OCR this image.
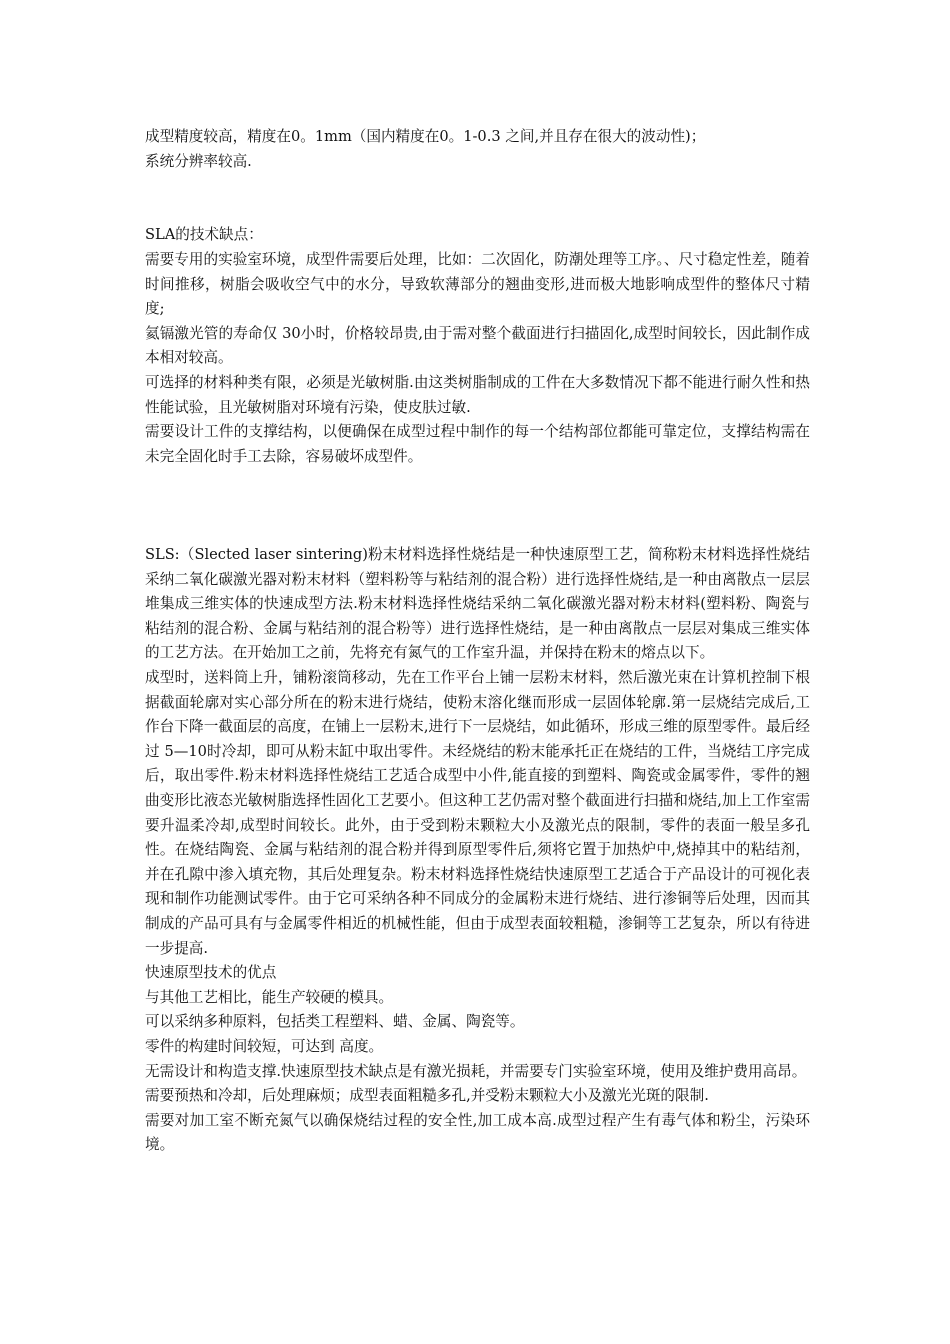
成型精度较高，精度在0。1mm（国内精度在0。1-0.3 之间,并且存在很大的波动性)；

系统分辨率较高.

SLA的技术缺点：

需要专用的实验室环境，成型件需要后处理，比如：二次固化，防潮处理等工序。、尺寸稳定性差，随着时间推移，树脂会吸收空气中的水分，导致软薄部分的翘曲变形,进而极大地影响成型件的整体尺寸精度;

氦镉激光管的寿命仅 30小时，价格较昂贵,由于需对整个截面进行扫描固化,成型时间较长，因此制作成本相对较高。

可选择的材料种类有限，必须是光敏树脂.由这类树脂制成的工件在大多数情况下都不能进行耐久性和热性能试验，且光敏树脂对环境有污染，使皮肤过敏.

需要设计工件的支撑结构，以便确保在成型过程中制作的每一个结构部位都能可靠定位，支撑结构需在未完全固化时手工去除，容易破坏成型件。

SLS:（Slected laser sintering)粉末材料选择性烧结是一种快速原型工艺，简称粉末材料选择性烧结采纳二氧化碳激光器对粉末材料（塑料粉等与粘结剂的混合粉）进行选择性烧结,是一种由离散点一层层堆集成三维实体的快速成型方法.粉末材料选择性烧结采纳二氧化碳激光器对粉末材料(塑料粉、陶瓷与粘结剂的混合粉、金属与粘结剂的混合粉等）进行选择性烧结，是一种由离散点一层层对集成三维实体的工艺方法。在开始加工之前，先将充有氮气的工作室升温，并保持在粉末的熔点以下。

成型时，送料筒上升，铺粉滚筒移动，先在工作平台上铺一层粉末材料，然后激光束在计算机控制下根据截面轮廓对实心部分所在的粉末进行烧结，使粉末溶化继而形成一层固体轮廓.第一层烧结完成后,工作台下降一截面层的高度，在铺上一层粉末,进行下一层烧结，如此循环，形成三维的原型零件。最后经过 5—10时冷却，即可从粉末缸中取出零件。未经烧结的粉末能承托正在烧结的工件，当烧结工序完成后，取出零件.粉末材料选择性烧结工艺适合成型中小件,能直接的到塑料、陶瓷或金属零件，零件的翘曲变形比液态光敏树脂选择性固化工艺要小。但这种工艺仍需对整个截面进行扫描和烧结,加上工作室需要升温柔冷却,成型时间较长。此外，由于受到粉末颗粒大小及激光点的限制，零件的表面一般呈多孔性。在烧结陶瓷、金属与粘结剂的混合粉并得到原型零件后,须将它置于加热炉中,烧掉其中的粘结剂，并在孔隙中渗入填充物，其后处理复杂。粉末材料选择性烧结快速原型工艺适合于产品设计的可视化表现和制作功能测试零件。由于它可采纳各种不同成分的金属粉末进行烧结、进行渗铜等后处理，因而其制成的产品可具有与金属零件相近的机械性能，但由于成型表面较粗糙，渗铜等工艺复杂，所以有待进一步提高.

快速原型技术的优点

与其他工艺相比，能生产较硬的模具。

可以采纳多种原料，包括类工程塑料、蜡、金属、陶瓷等。

零件的构建时间较短，可达到 高度。

无需设计和构造支撑.快速原型技术缺点是有激光损耗，并需要专门实验室环境，使用及维护费用高昂。

需要预热和冷却，后处理麻烦；成型表面粗糙多孔,并受粉末颗粒大小及激光光斑的限制.

需要对加工室不断充氮气以确保烧结过程的安全性,加工成本高.成型过程产生有毒气体和粉尘，污染环境。
